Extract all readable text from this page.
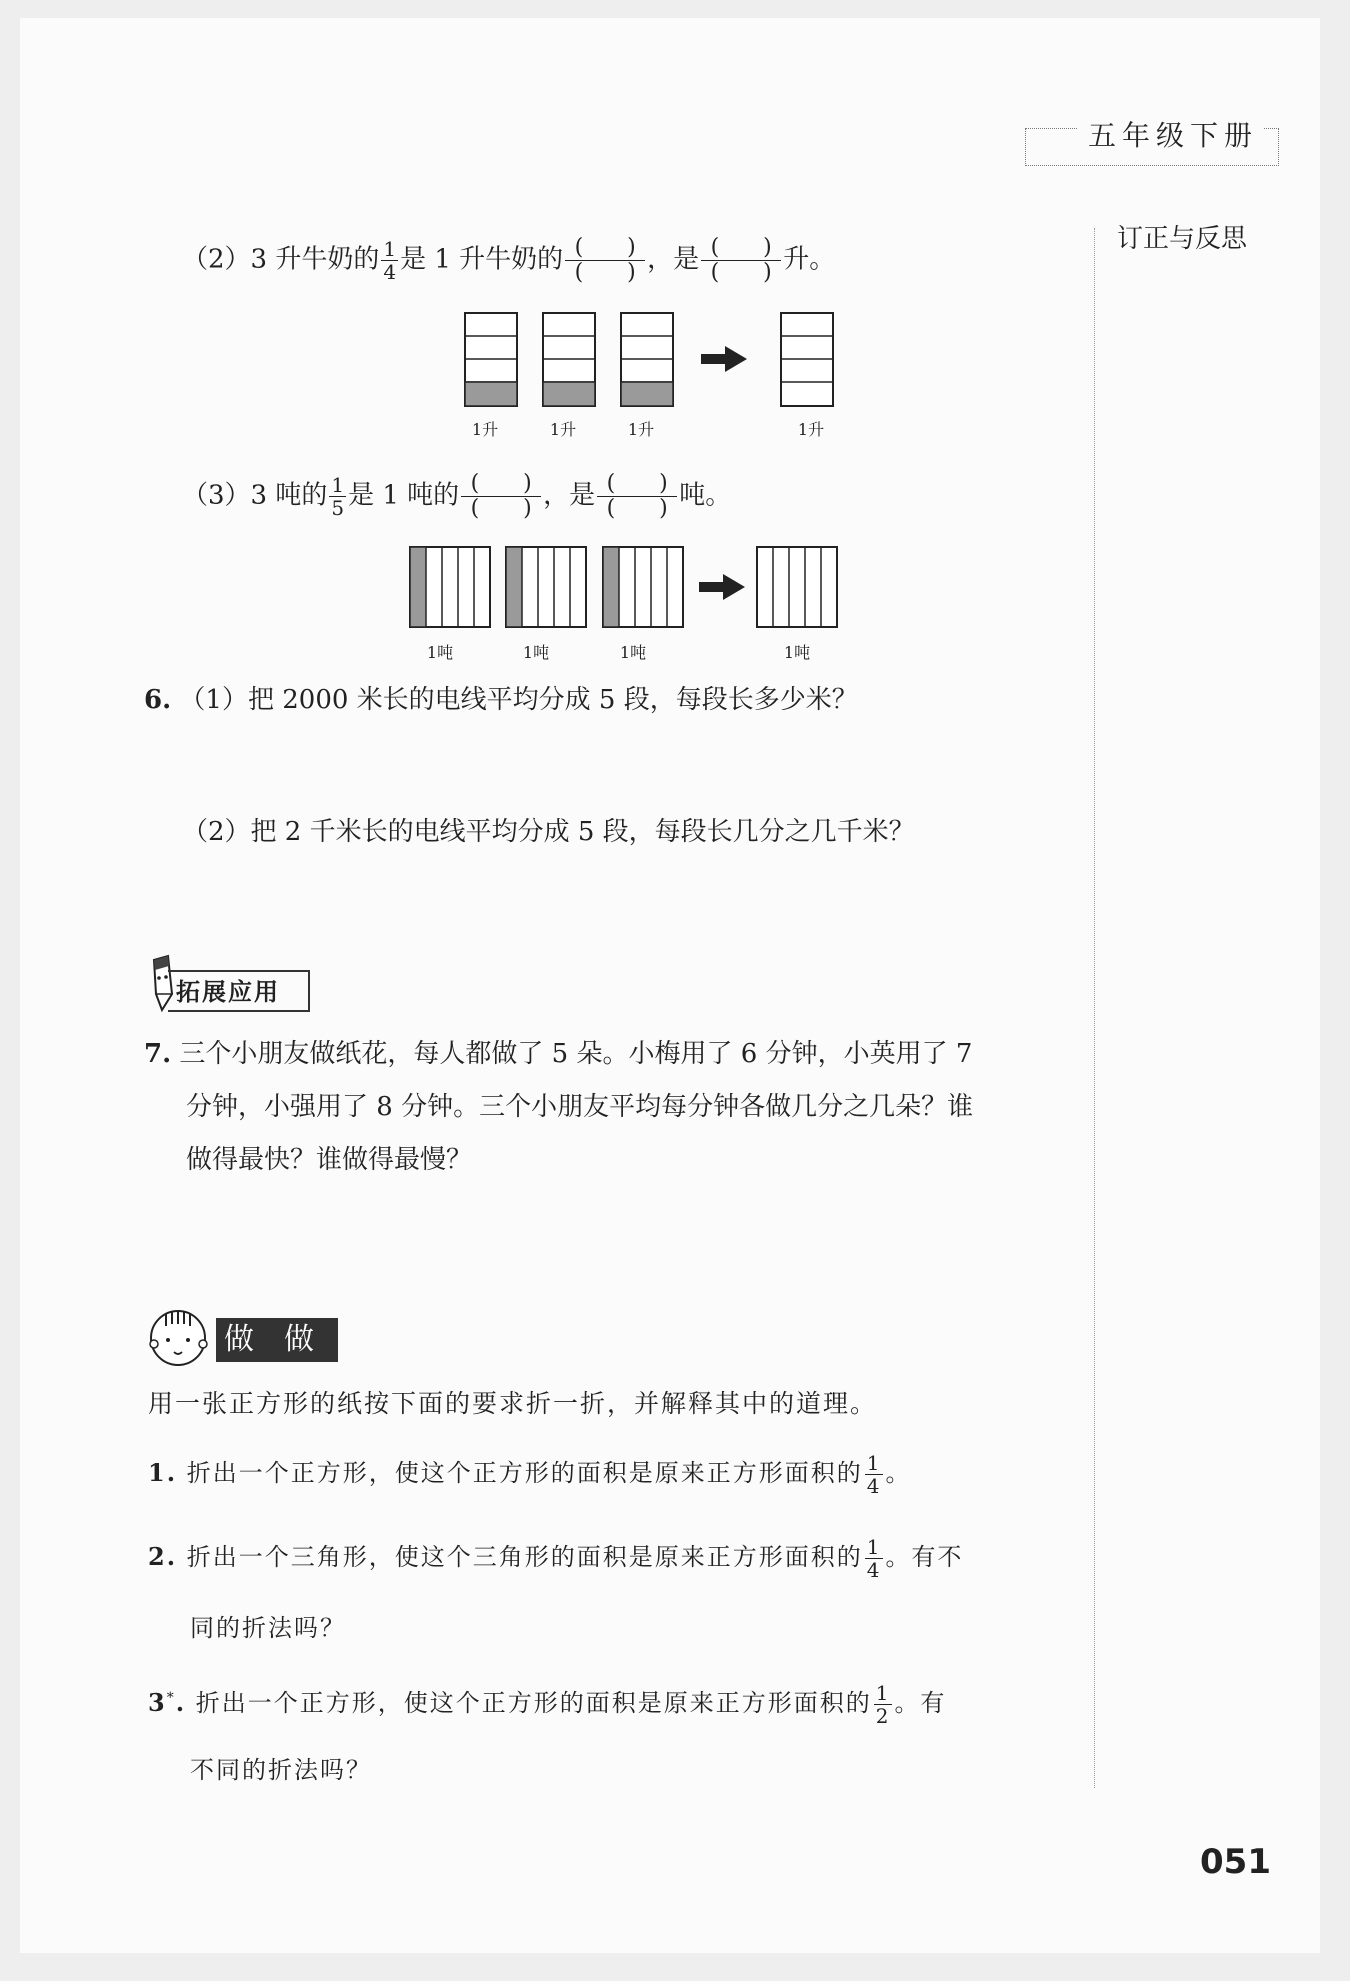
五年级下册
订正与反思
（2）3 升牛奶的 $\frac{1}{4}$ 是 1 升牛奶的 (　　)
(　　) ，是 (　　)
(　　) 升。
1升	1升	1升	1升
（3）3 吨的 $\frac{1}{5}$ 是 1 吨的 (　　)
(　　) ，是 (　　)
(　　) 吨。
1吨	1吨	1吨	1吨
6. （1）把 2000 米长的电线平均分成 5 段，每段长多少米？
（2）把 2 千米长的电线平均分成 5 段，每段长几分之几千米？
拓展应用
7. 三个小朋友做纸花，每人都做了 5 朵。小梅用了 6 分钟，小英用了 7
分钟，小强用了 8 分钟。三个小朋友平均每分钟各做几分之几朵？谁
做得最快？谁做得最慢？
做做
用一张正方形的纸按下面的要求折一折，并解释其中的道理。
1. 折出一个正方形，使这个正方形的面积是原来正方形面积的 $\frac{1}{4}$ 。
2. 折出一个三角形，使这个三角形的面积是原来正方形面积的 $\frac{1}{4}$ 。有不
同的折法吗？
3*. 折出一个正方形，使这个正方形的面积是原来正方形面积的 $\frac{1}{2}$ 。有
不同的折法吗？
051
